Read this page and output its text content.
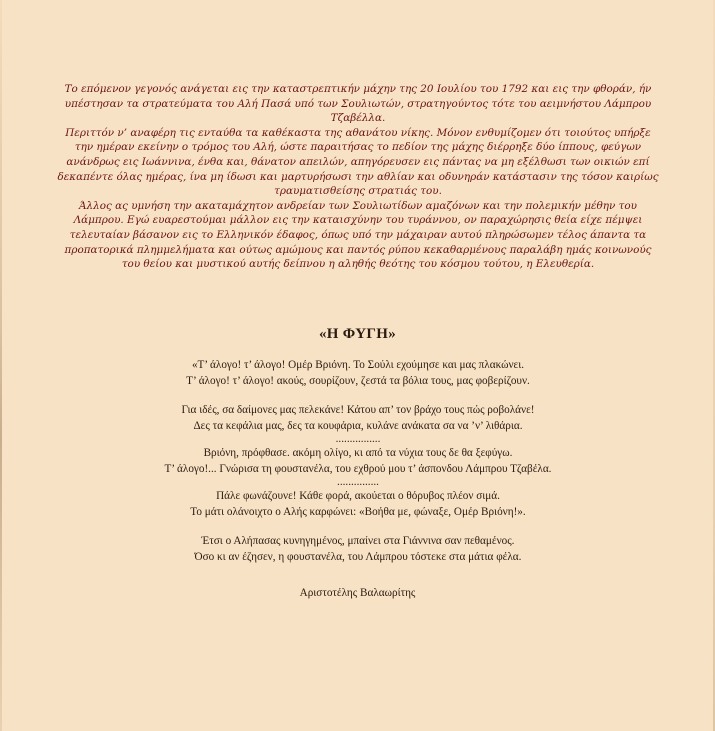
Το επόμενον γεγονός ανάγεται εις την καταστρεπτικήν μάχην της 20 Ιουλίου του 1792 και εις την φθοράν, ήν υπέστησαν τα στρατεύματα του Αλή Πασά υπό των Σουλιωτών, στρατηγούντος τότε του αειμνήστου Λάμπρου Τζαβέλλα.

Περιττόν ν’ αναφέρη τις ενταύθα τα καθέκαστα της αθανάτου νίκης. Μόνον ενθυμίζομεν ότι τοιούτος υπήρξε την ημέραν εκείνην ο τρόμος του Αλή, ώστε παραιτήσας το πεδίον της μάχης διέρρηξε δύο ίππους, φεύγων ανάνδρως εις Ιωάννινα, ένθα και, θάνατον απειλών, απηγόρευσεν εις πάντας να μη εξέλθωσι των οικιών επί δεκαπέντε όλας ημέρας, ίνα μη ίδωσι και μαρτυρήσωσι την αθλίαν και οδυνηράν κατάστασιν της τόσον καιρίως τραυματισθείσης στρατιάς του.

Άλλος ας υμνήση την ακαταμάχητον ανδρείαν των Σουλιωτίδων αμαζόνων και την πολεμικήν μέθην του Λάμπρου. Εγώ ευαρεστούμαι μάλλον εις την καταισχύνην του τυράννου, ον παραχώρησις θεία είχε πέμψει τελευταίαν βάσανον εις το Ελληνικόν έδαφος, όπως υπό την μάχαιραν αυτού πληρώσωμεν τέλος άπαντα τα προπατορικά πλημμελήματα και ούτως αμώμους και παντός ρύπου κεκαθαρμένους παραλάβη ημάς κοινωνούς του θείου και μυστικού αυτής δείπνου η αληθής θεότης του κόσμου τούτου, η Ελευθερία.

«Η ΦΥΓΗ»
«Τ’ άλογο! τ’ άλογο! Ομέρ Βριόνη. Το Σούλι εχούμησε και μας πλακώνει.
Τ’ άλογο! τ’ άλογο! ακούς, σουρίζουν, ζεστά τα βόλια τους, μας φοβερίζουν.
Για ιδές, σα δαίμονες μας πελεκάνε! Κάτου απ’ τον βράχο τους πώς ροβολάνε!
Δες τα κεφάλια μας, δες τα κουφάρια, κυλάνε ανάκατα σα να ’ν’ λιθάρια.
................
Βριόνη, πρόφθασε. ακόμη ολίγο, κι από τα νύχια τους δε θα ξεφύγω.
Τ’ άλογο!... Γνώρισα τη φουστανέλα, του εχθρού μου τ’ άσπονδου Λάμπρου Τζαβέλα.
...............
Πάλε φωνάζουνε! Κάθε φορά, ακούεται ο θόρυβος πλέον σιμά.
Το μάτι ολάνοιχτο ο Αλής καρφώνει: «Βοήθα με, φώναξε, Ομέρ Βριόνη!».
Έτσι ο Αλήπασας κυνηγημένος, μπαίνει στα Γιάννινα σαν πεθαμένος.
Όσο κι αν έζησεν, η φουστανέλα, του Λάμπρου τόστεκε στα μάτια φέλα.
Αριστοτέλης Βαλαωρίτης
